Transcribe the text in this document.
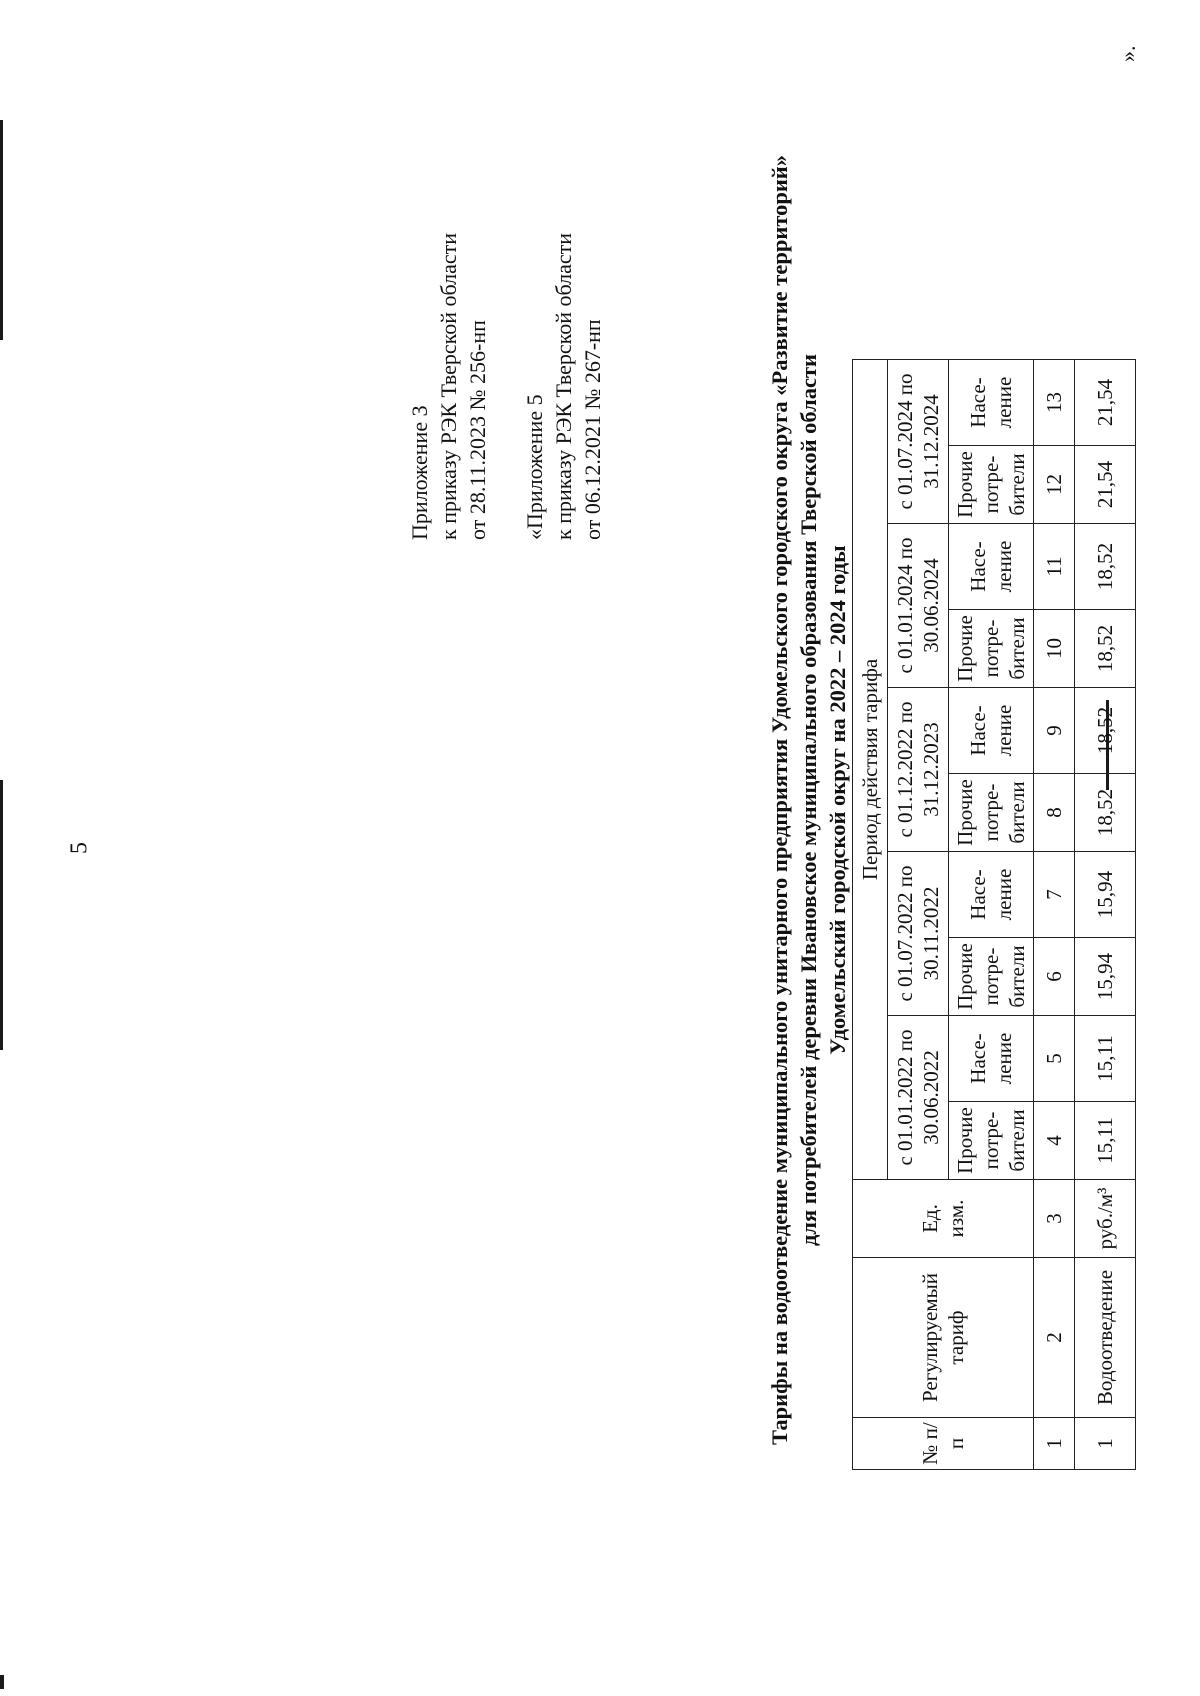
5
Приложение 3 к приказу РЭК Тверской области от 28.11.2023 № 256-нп «Приложение 5 к приказу РЭК Тверской области от 06.12.2021 № 267-нп	Тарифы на водоотведение муниципального унитарного предприятия Удомельского городского округа «Развитие территорий» для потребителей деревни Ивановское муниципального образования Тверской области Удомельский городской округ на 2022 – 2024 годы
№ п/ п	Регулируемый тариф	Ед. изм.	Период действия тарифа									
			с 01.01.2022 по 30.06.2022		с 01.07.2022 по 30.11.2022		с 01.12.2022 по 31.12.2023		с 01.01.2024 по 30.06.2024		с 01.07.2024 по 31.12.2024	
			Прочие потре- бители	Насе- ление	Прочие потре- бители	Насе- ление	Прочие потре- бители	Насе- ление	Прочие потре- бители	Насе- ление	Прочие потре- бители	Насе- ление
1	2	3	4	5	6	7	8	9	10	11	12	13
1	Водоотведение	руб./м³	15,11	15,11	15,94	15,94	18,52	18,52	18,52	18,52	21,54	21,54
».
